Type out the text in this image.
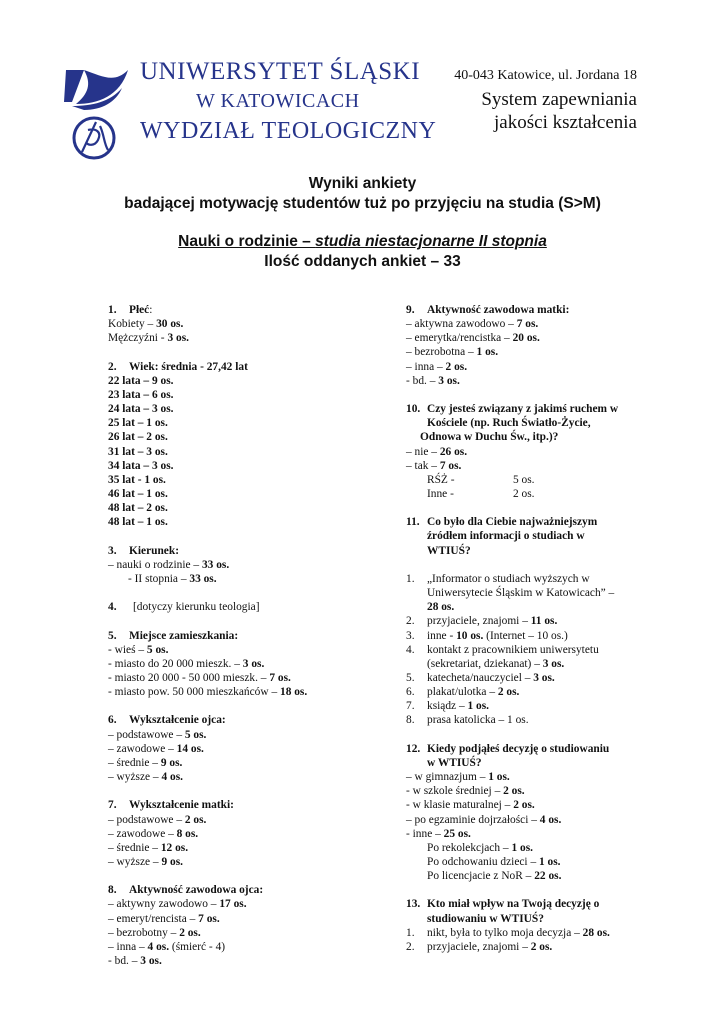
UNIWERSYTET ŚLĄSKI
W KATOWICACH
WYDZIAŁ TEOLOGICZNY
40-043 Katowice, ul. Jordana 18
System zapewniania
jakości kształcenia
Wyniki ankiety
badającej motywację studentów tuż po przyjęciu na studia (S>M)
Nauki o rodzinie – studia niestacjonarne II stopnia
Ilość oddanych ankiet – 33
1. Płeć:
Kobiety – 30 os.
Mężczyźni - 3 os.
2. Wiek: średnia - 27,42 lat
22 lata – 9 os.
23 lata – 6 os.
24 lata – 3 os.
25 lat – 1 os.
26 lat – 2 os.
31 lat – 3 os.
34 lata – 3 os.
35 lat - 1 os.
46 lat – 1 os.
48 lat – 2 os.
48 lat – 1 os.
3. Kierunek:
– nauki o rodzinie – 33 os.
- II stopnia – 33 os.
4. [dotyczy kierunku teologia]
5. Miejsce zamieszkania:
- wieś – 5 os.
- miasto do 20 000 mieszk. – 3 os.
- miasto 20 000 - 50 000 mieszk. – 7 os.
- miasto pow. 50 000 mieszkańców – 18 os.
6. Wykształcenie ojca:
– podstawowe – 5 os.
– zawodowe – 14 os.
– średnie – 9 os.
– wyższe – 4 os.
7. Wykształcenie matki:
– podstawowe – 2 os.
– zawodowe – 8 os.
– średnie – 12 os.
– wyższe – 9 os.
8. Aktywność zawodowa ojca:
– aktywny zawodowo – 17 os.
– emeryt/rencista – 7 os.
– bezrobotny – 2 os.
– inna – 4 os. (śmierć - 4)
- bd. – 3 os.
9. Aktywność zawodowa matki:
– aktywna zawodowo – 7 os.
– emerytka/rencistka – 20 os.
– bezrobotna – 1 os.
– inna – 2 os.
- bd. – 3 os.
10. Czy jesteś związany z jakimś ruchem w
Kościele (np. Ruch Światło-Życie,
Odnowa w Duchu Św., itp.)?
– nie – 26 os.
– tak – 7 os.
RŚŻ -	5 os.
Inne -	2 os.
11. Co było dla Ciebie najważniejszym
źródłem informacji o studiach w
WTIUŚ?
1. „Informator o studiach wyższych w
Uniwersytecie Śląskim w Katowicach” –
28 os.
2. przyjaciele, znajomi – 11 os.
3. inne - 10 os. (Internet – 10 os.)
4. kontakt z pracownikiem uniwersytetu
(sekretariat, dziekanat) – 3 os.
5. katecheta/nauczyciel – 3 os.
6. plakat/ulotka – 2 os.
7. ksiądz – 1 os.
8. prasa katolicka – 1 os.
12. Kiedy podjąłeś decyzję o studiowaniu
w WTIUŚ?
– w gimnazjum – 1 os.
- w szkole średniej – 2 os.
- w klasie maturalnej – 2 os.
– po egzaminie dojrzałości – 4 os.
- inne – 25 os.
Po rekolekcjach – 1 os.
Po odchowaniu dzieci – 1 os.
Po licencjacie z NoR – 22 os.
13. Kto miał wpływ na Twoją decyzję o
studiowaniu w WTIUŚ?
1. nikt, była to tylko moja decyzja – 28 os.
2. przyjaciele, znajomi – 2 os.
